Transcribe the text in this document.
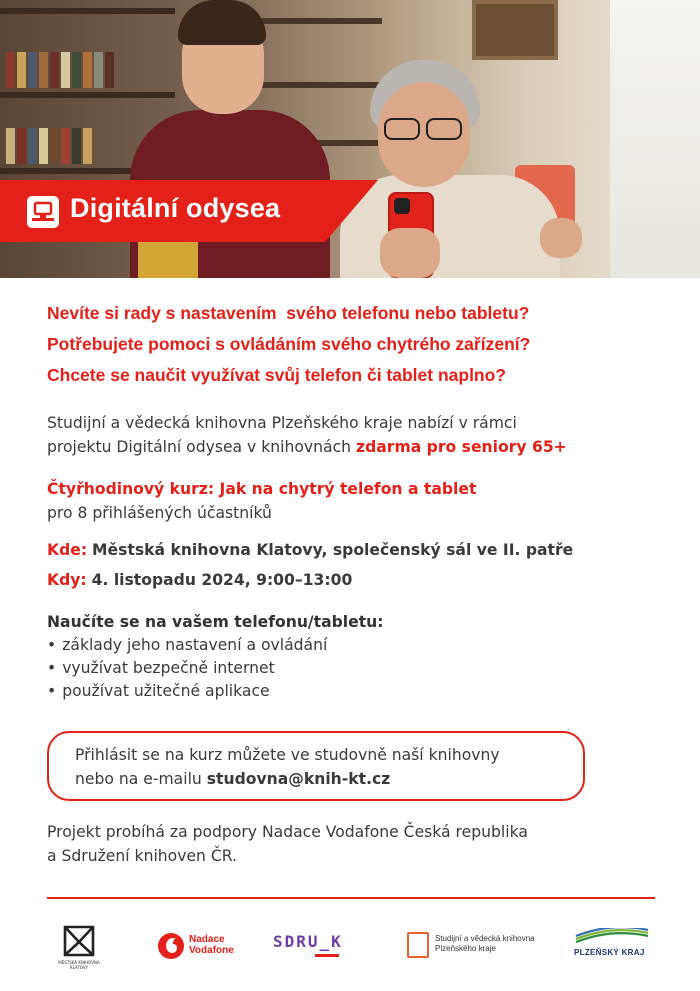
Digitální odysea
Nevíte si rady s nastavením  svého telefonu nebo tabletu?
Potřebujete pomoci s ovládáním svého chytrého zařízení?
Chcete se naučit využívat svůj telefon či tablet naplno?
Studijní a vědecká knihovna Plzeňského kraje nabízí v rámci
projektu Digitální odysea v knihovnách zdarma pro seniory 65+
Čtyřhodinový kurz: Jak na chytrý telefon a tablet
pro 8 přihlášených účastníků
Kde: Městská knihovna Klatovy, společenský sál ve II. patře
Kdy: 4. listopadu 2024, 9:00–13:00
Naučíte se na vašem telefonu/tabletu:
• základy jeho nastavení a ovládání
• využívat bezpečně internet
• používat užitečné aplikace
Přihlásit se na kurz můžete ve studovně naší knihovny
nebo na e-mailu studovna@knih-kt.cz
Projekt probíhá za podpory Nadace Vodafone Česká republika
a Sdružení knihoven ČR.
MĚSTSKÁ KNIHOVNA KLATOVY
Nadace
Vodafone SDRU_K	Studijní a vědecká knihovna
Plzeňského kraje	PLZEŇSKÝ KRAJ
